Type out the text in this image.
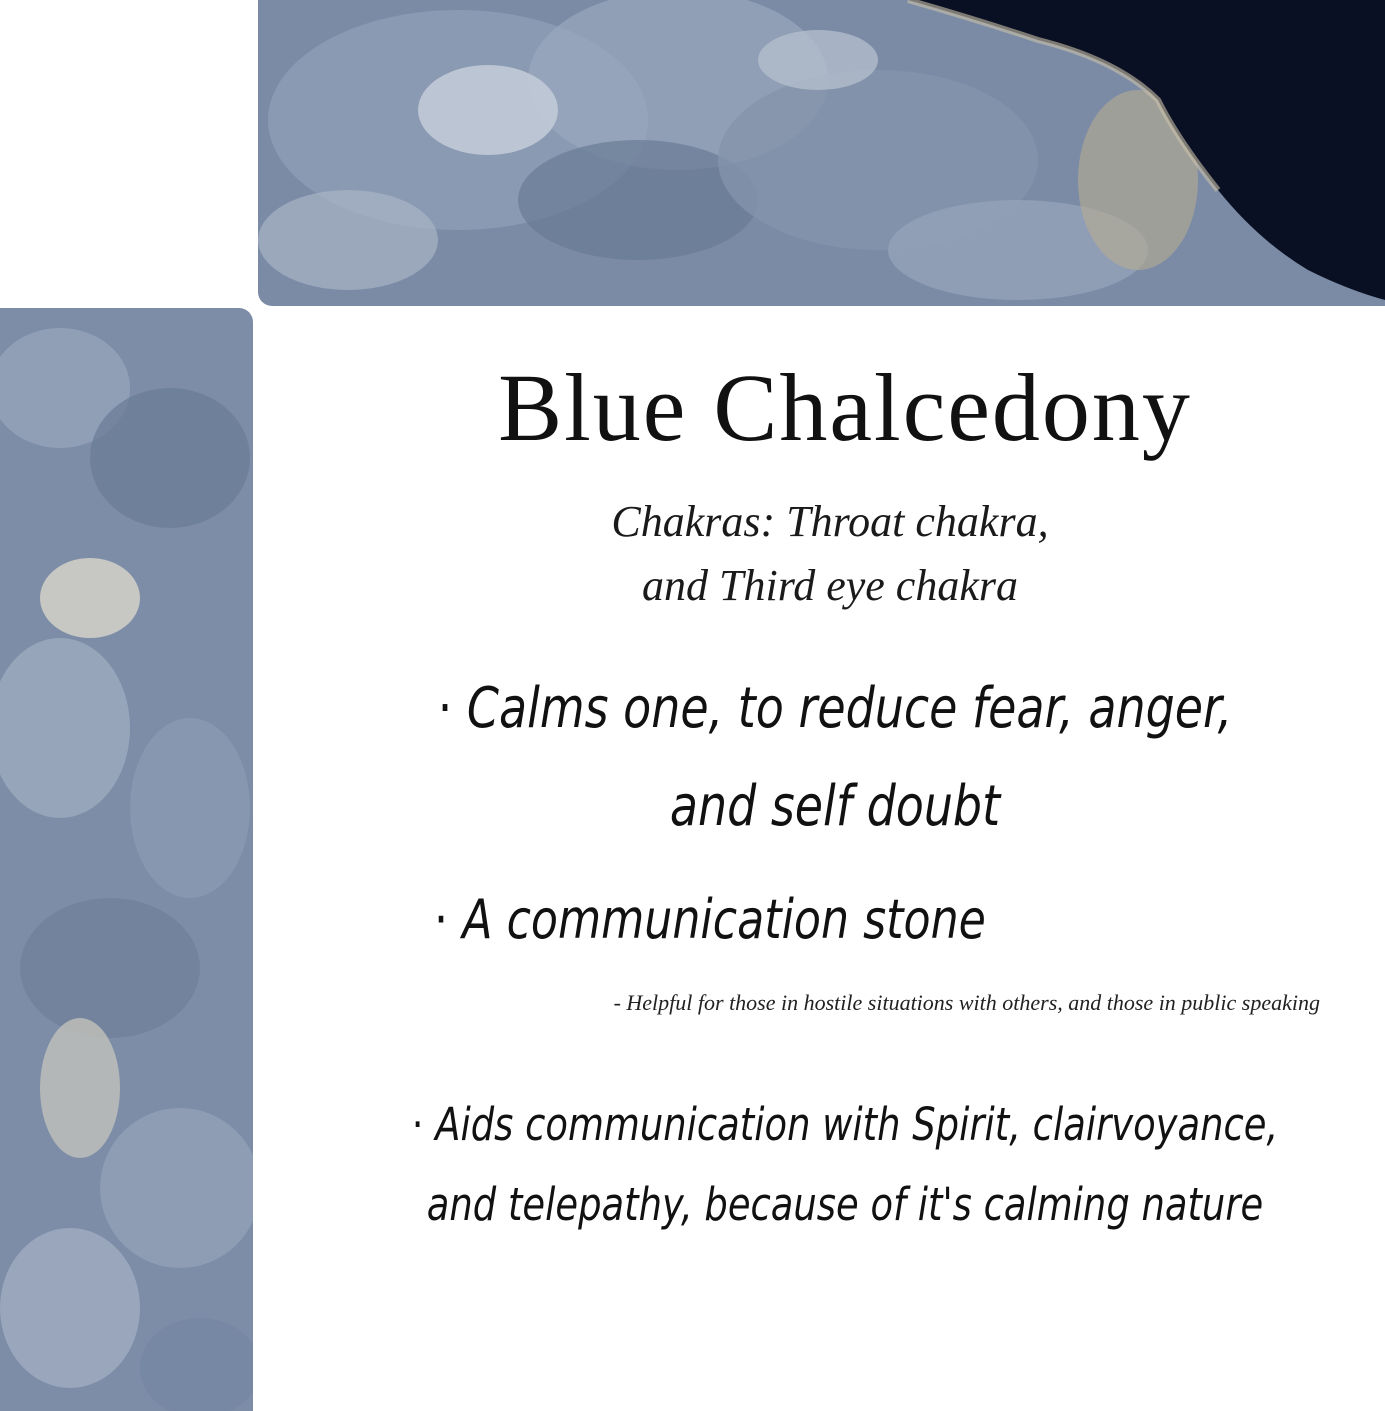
Blue Chalcedony
Chakras: Throat chakra,
and Third eye chakra
· Calms one, to reduce fear, anger,
and self doubt
· A communication stone
- Helpful for those in hostile situations with others, and those in public speaking
· Aids communication with Spirit, clairvoyance,
and telepathy, because of it's calming nature
